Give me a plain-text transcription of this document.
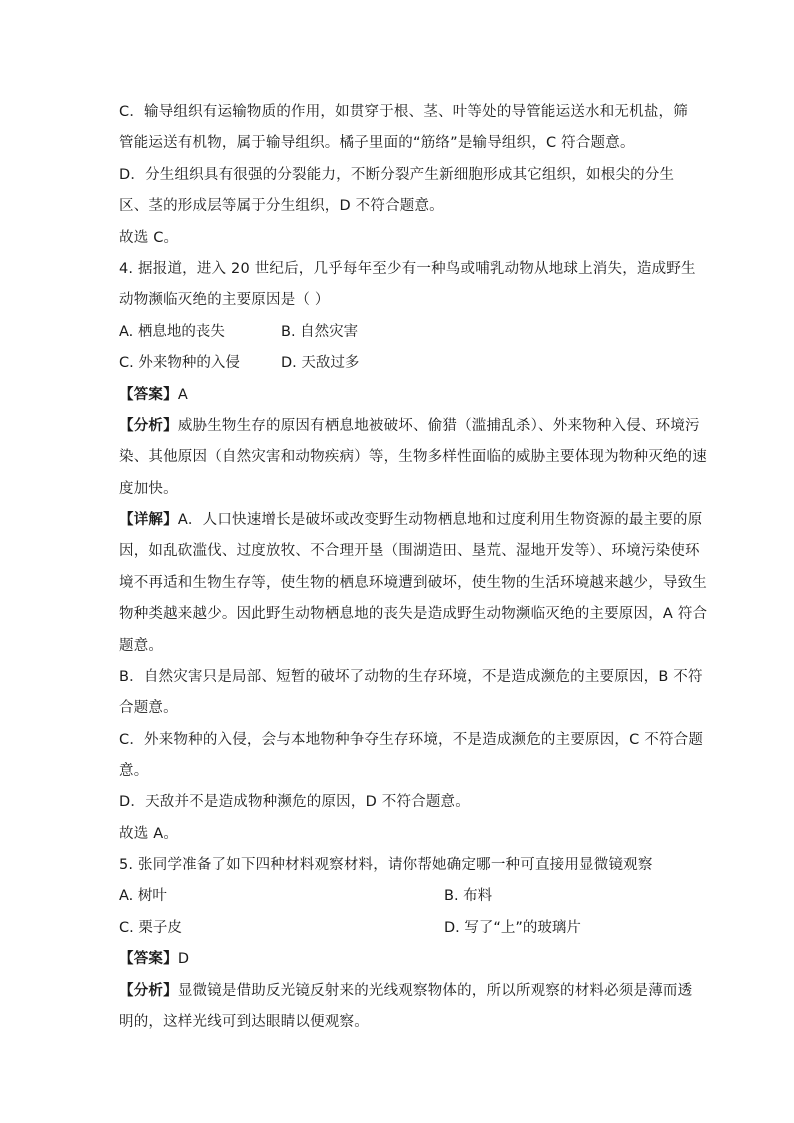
C．输导组织有运输物质的作用，如贯穿于根、茎、叶等处的导管能运送水和无机盐，筛
管能运送有机物，属于输导组织。橘子里面的“筋络”是输导组织，C 符合题意。
D．分生组织具有很强的分裂能力，不断分裂产生新细胞形成其它组织，如根尖的分生
区、茎的形成层等属于分生组织，D 不符合题意。
故选 C。
4. 据报道，进入 20 世纪后，几乎每年至少有一种鸟或哺乳动物从地球上消失，造成野生
动物濒临灭绝的主要原因是（ ）
A. 栖息地的丧失	B. 自然灾害
C. 外来物种的入侵	D. 天敌过多
【答案】A
【分析】威胁生物生存的原因有栖息地被破坏、偷猎（滥捕乱杀）、外来物种入侵、环境污
染、其他原因（自然灾害和动物疾病）等，生物多样性面临的威胁主要体现为物种灭绝的速
度加快。
【详解】A．人口快速增长是破坏或改变野生动物栖息地和过度利用生物资源的最主要的原
因，如乱砍滥伐、过度放牧、不合理开垦（围湖造田、垦荒、湿地开发等）、环境污染使环
境不再适和生物生存等，使生物的栖息环境遭到破坏，使生物的生活环境越来越少，导致生
物种类越来越少。因此野生动物栖息地的丧失是造成野生动物濒临灭绝的主要原因，A 符合
题意。
B．自然灾害只是局部、短暂的破坏了动物的生存环境，不是造成濒危的主要原因，B 不符
合题意。
C．外来物种的入侵，会与本地物种争夺生存环境，不是造成濒危的主要原因，C 不符合题
意。
D．天敌并不是造成物种濒危的原因，D 不符合题意。
故选 A。
5. 张同学准备了如下四种材料观察材料，请你帮她确定哪一种可直接用显微镜观察
A. 树叶	B. 布料
C. 栗子皮	D. 写了“上”的玻璃片
【答案】D
【分析】显微镜是借助反光镜反射来的光线观察物体的，所以所观察的材料必须是薄而透
明的，这样光线可到达眼睛以便观察。
